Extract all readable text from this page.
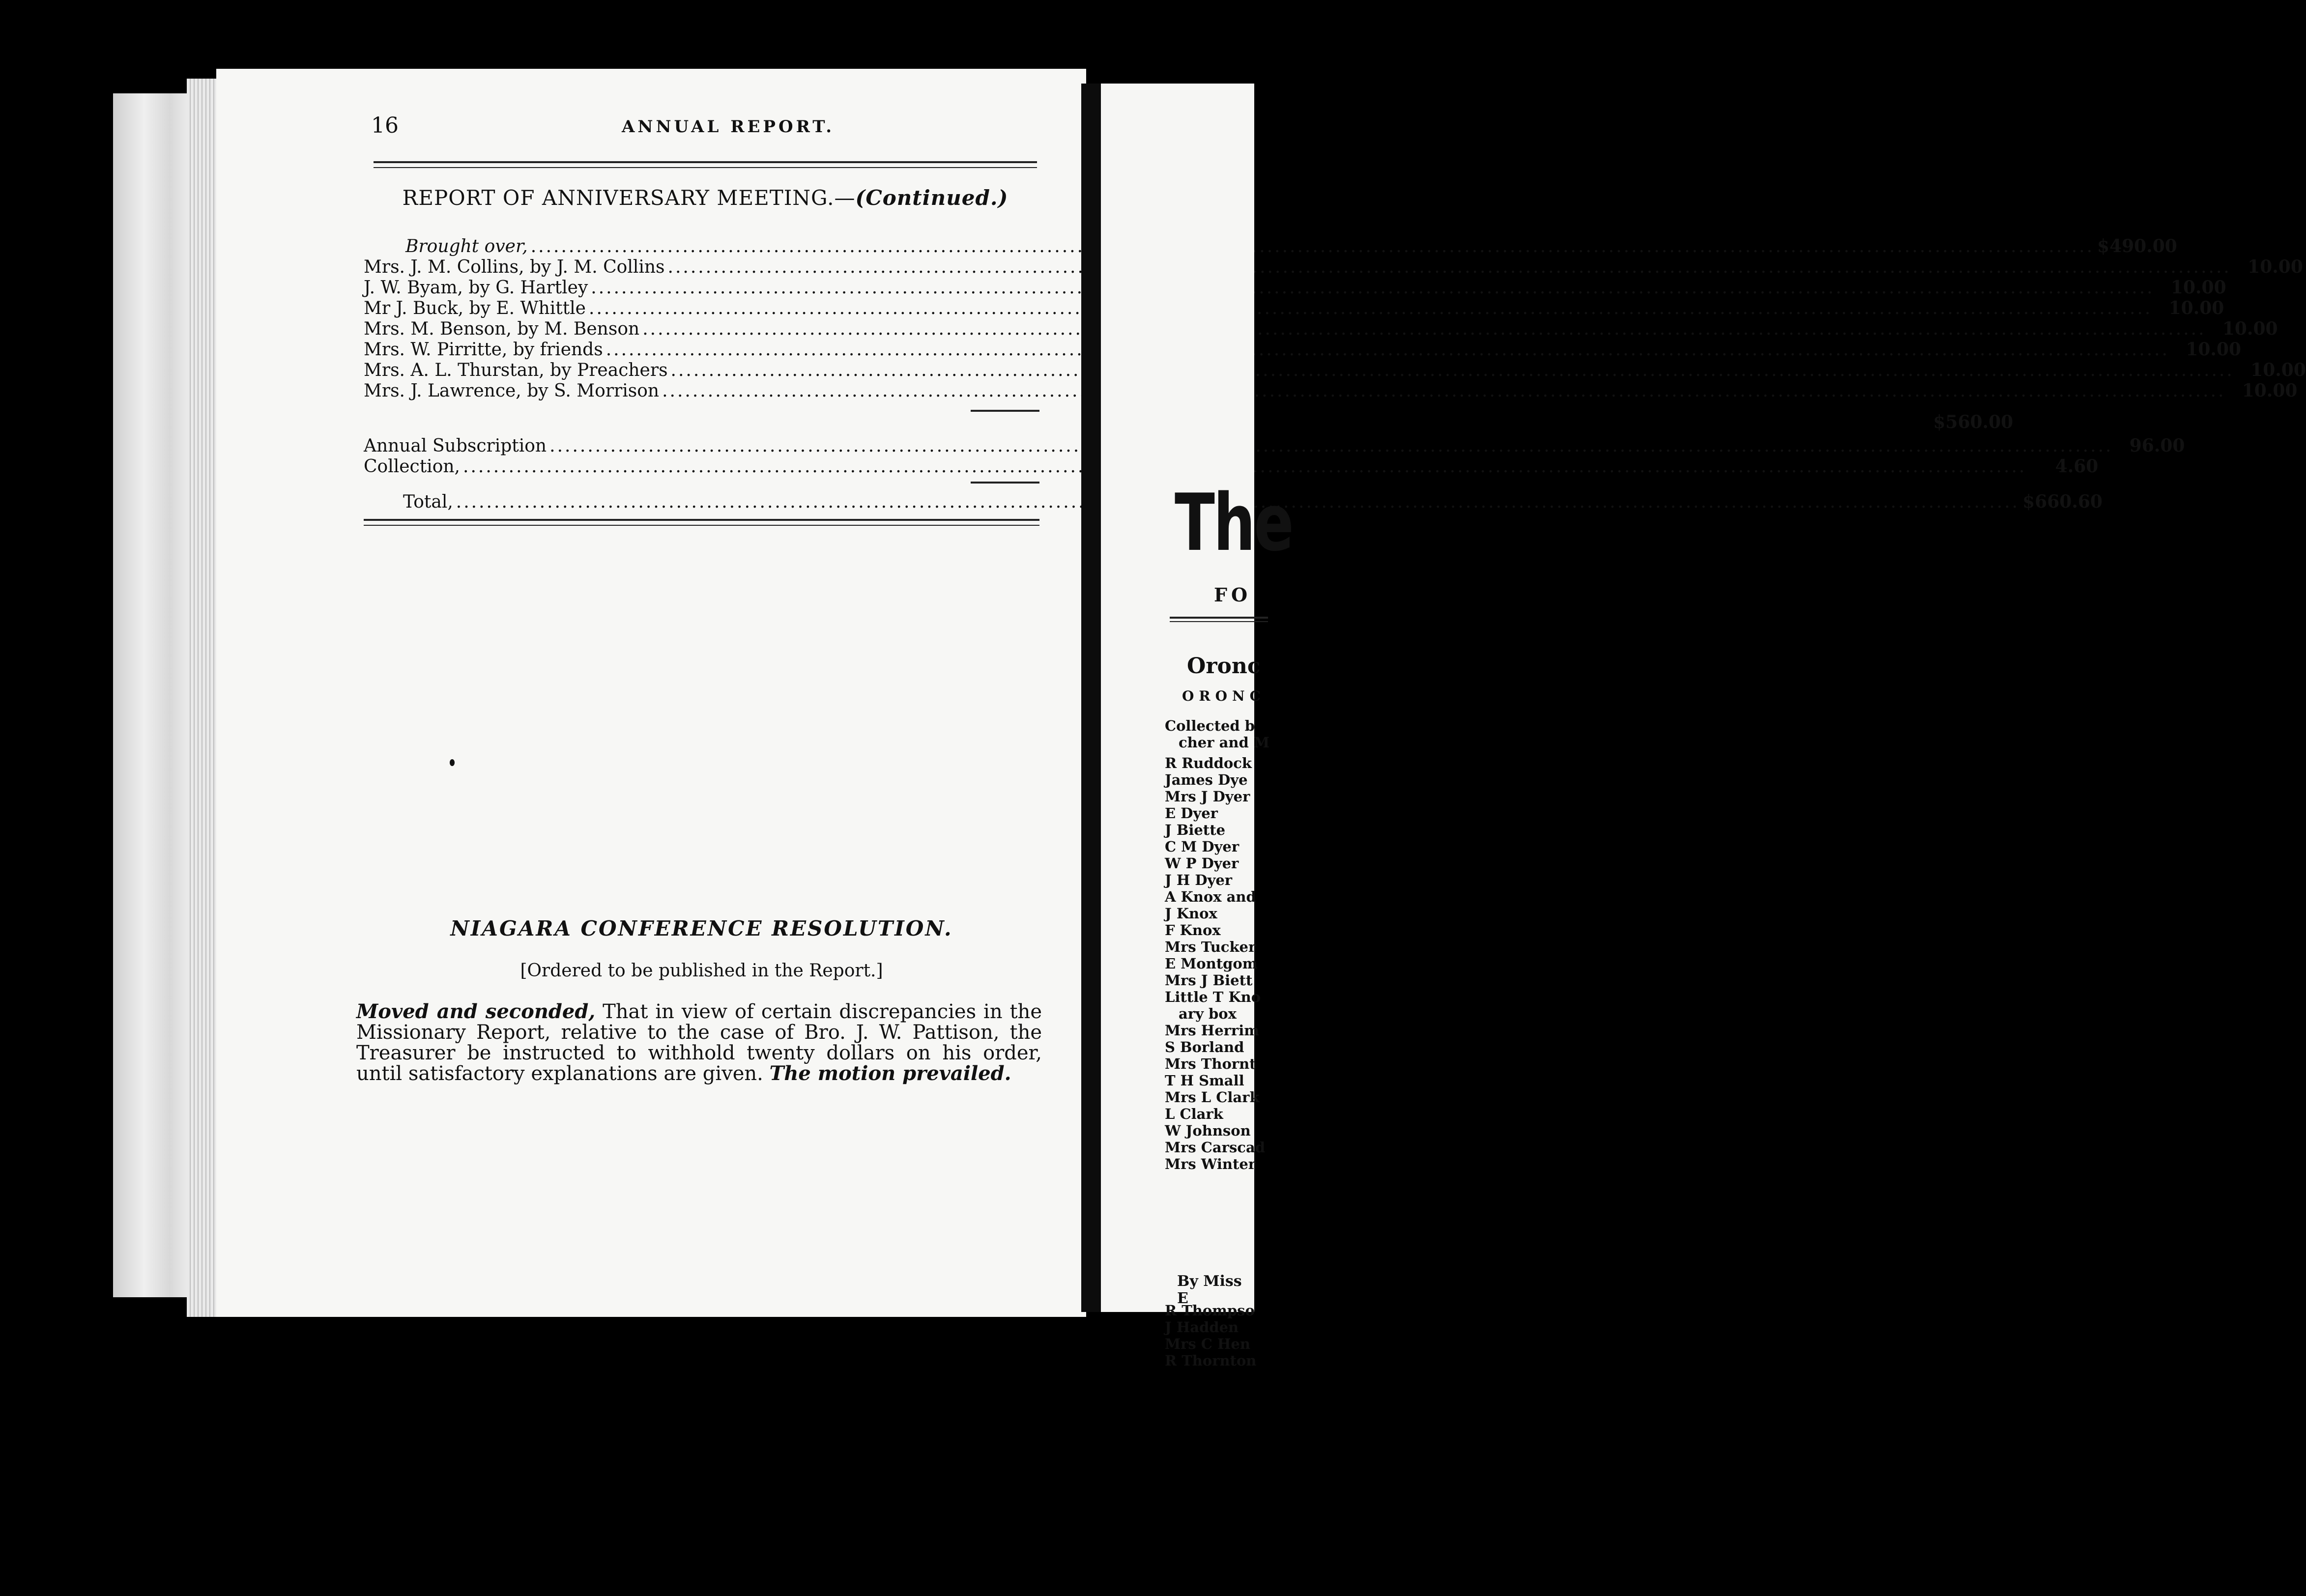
16	ANNUAL REPORT.
REPORT OF ANNIVERSARY MEETING.—(Continued.)
Brought over, .....	$490.00
Mrs. J. M. Collins, by J. M. Collins .....	10.00
J. W. Byam, by G. Hartley .....	10.00
Mr J. Buck, by E. Whittle .....	10.00
Mrs. M. Benson, by M. Benson .....	10.00
Mrs. W. Pirritte, by friends .....	10.00
Mrs. A. L. Thurstan, by Preachers .....	10.00
Mrs. J. Lawrence, by S. Morrison .....	10.00
$560.00
Annual Subscription .....	96.00
Collection, .....	4.60
Total, .....	$660.60
NIAGARA CONFERENCE RESOLUTION.
[Ordered to be published in the Report.]
Moved and seconded, That in view of certain discrepancies in the Missionary Report, relative to the case of Bro. J. W. Pattison, the Treasurer be instructed to withhold twenty dollars on his order, until satisfactory explanations are given. The motion prevailed.
The
FO
Oronc
ORONC
Collected b
cher and M
R Ruddock
James Dye
Mrs J Dyer
E Dyer
J Biette
C M Dyer
W P Dyer
J H Dyer
A Knox and
J Knox
F Knox
Mrs Tucker
E Montgom
Mrs J Biett
Little T Kno
ary box
Mrs Herrim
S Borland
Mrs Thornt
T H Small
Mrs L Clark
L Clark
W Johnson
Mrs Carscad
Mrs Winter
By Miss E
R Thompso
J Hadden
Mrs C Hen
R Thornton
